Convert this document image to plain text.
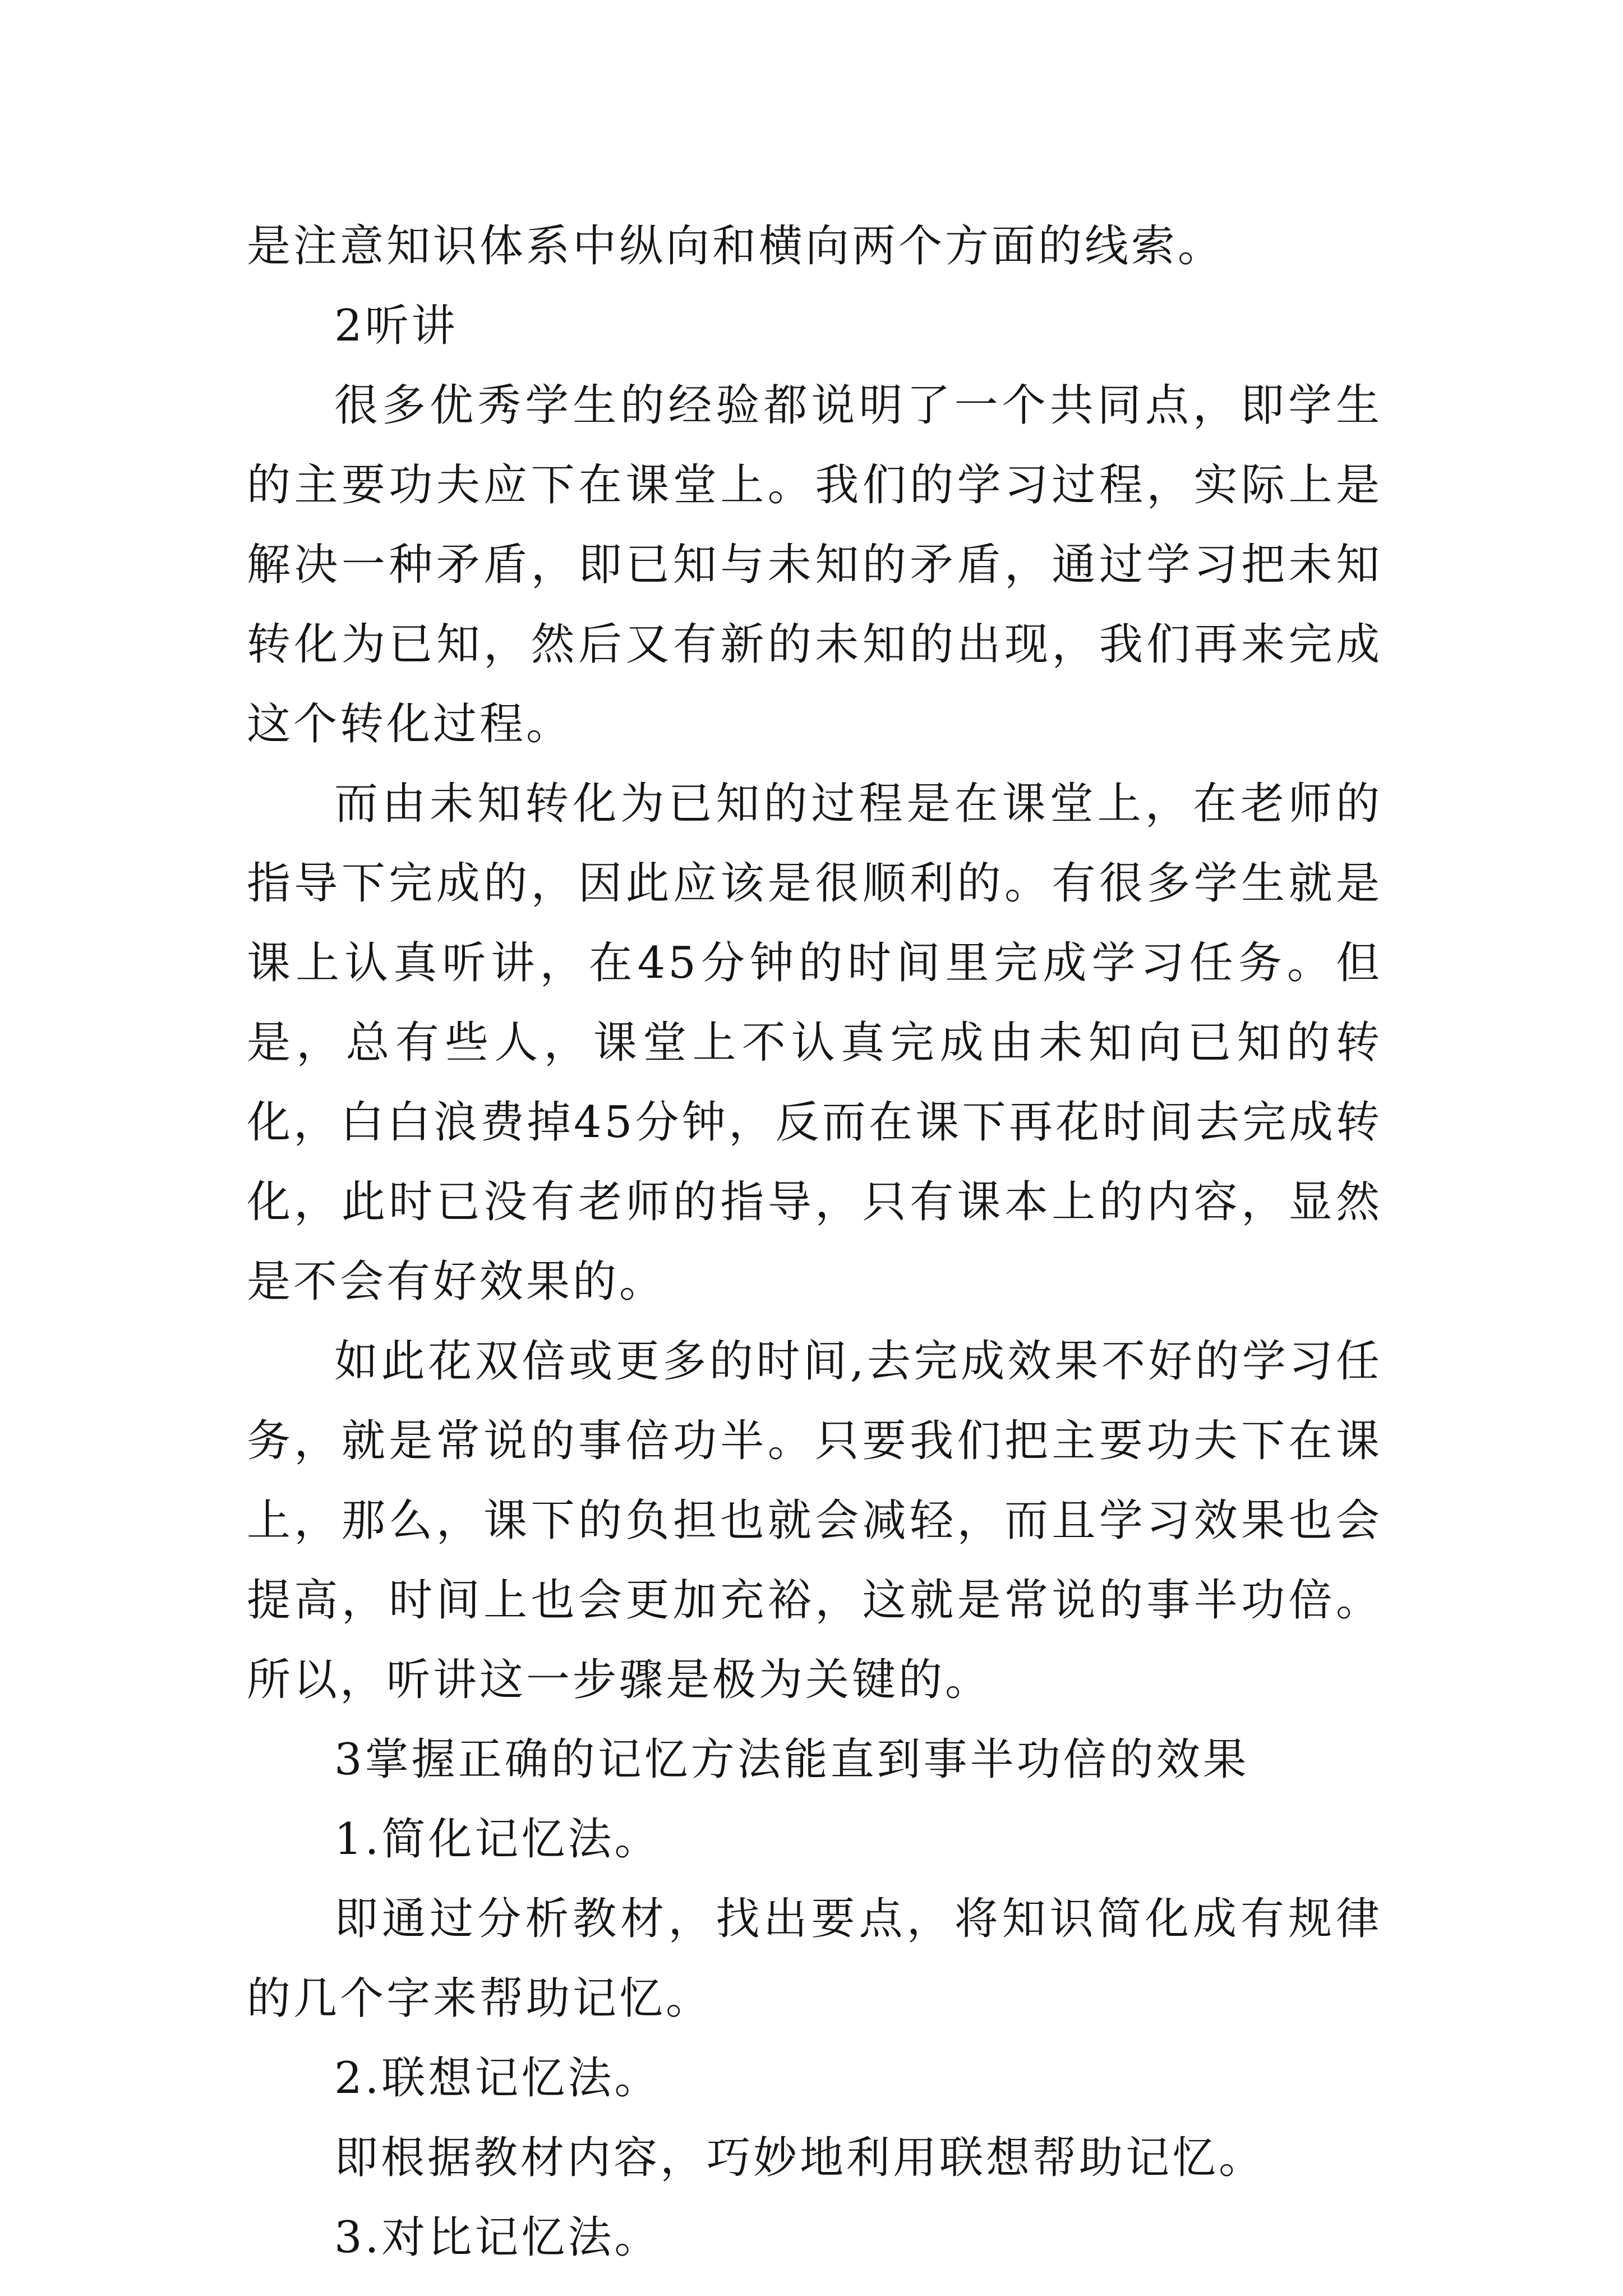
是注意知识体系中纵向和横向两个方面的线索。

2听讲

很多优秀学生的经验都说明了一个共同点，即学生的主要功夫应下在课堂上。我们的学习过程，实际上是解决一种矛盾，即已知与未知的矛盾，通过学习把未知转化为已知，然后又有新的未知的出现，我们再来完成这个转化过程。

而由未知转化为已知的过程是在课堂上，在老师的指导下完成的，因此应该是很顺利的。有很多学生就是课上认真听讲，在45分钟的时间里完成学习任务。但是，总有些人，课堂上不认真完成由未知向已知的转化，白白浪费掉45分钟，反而在课下再花时间去完成转化，此时已没有老师的指导，只有课本上的内容，显然是不会有好效果的。

如此花双倍或更多的时间,去完成效果不好的学习任务，就是常说的事倍功半。只要我们把主要功夫下在课上，那么，课下的负担也就会减轻，而且学习效果也会提高，时间上也会更加充裕，这就是常说的事半功倍。所以，听讲这一步骤是极为关键的。

3掌握正确的记忆方法能直到事半功倍的效果

1.简化记忆法。

即通过分析教材，找出要点，将知识简化成有规律的几个字来帮助记忆。

2.联想记忆法。

即根据教材内容，巧妙地利用联想帮助记忆。

3.对比记忆法。
